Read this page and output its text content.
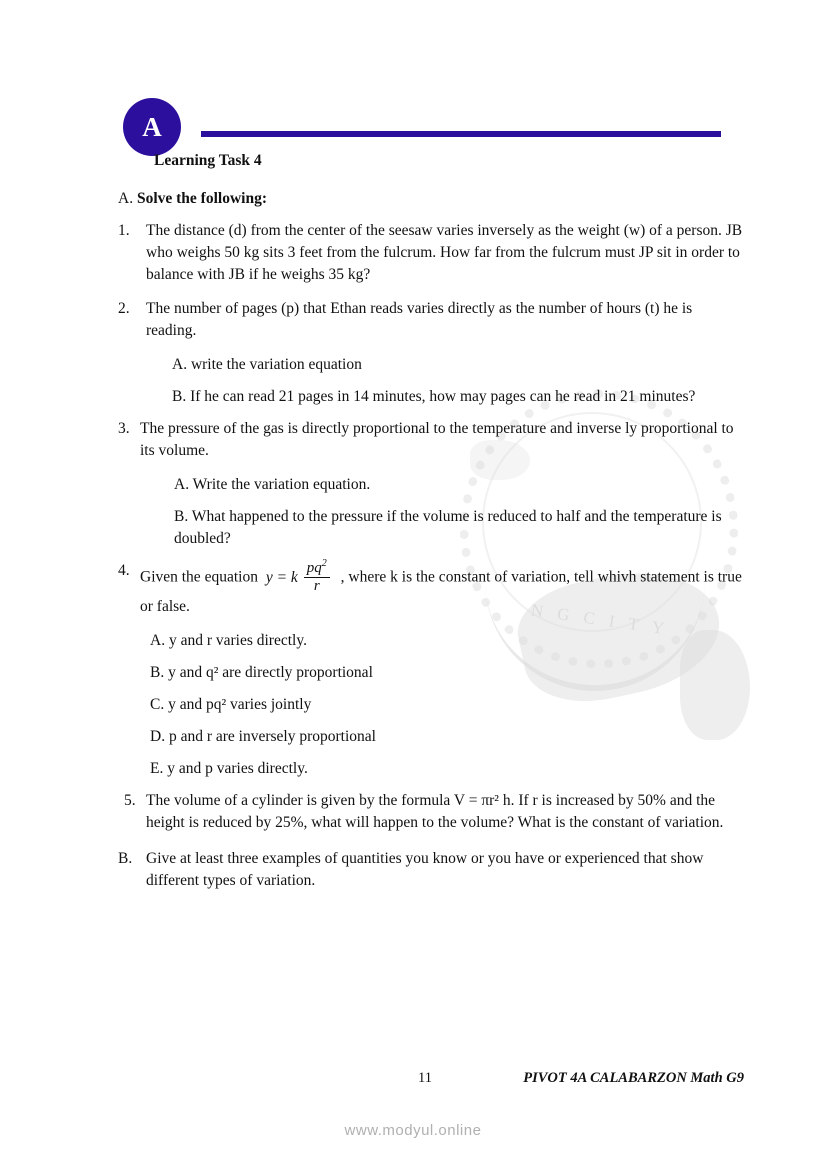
N G C I T Y
A
Learning Task 4
A. Solve the following:
1.	The distance (d) from the center of the seesaw varies inversely as the weight (w) of a person. JB who weighs 50 kg sits 3 feet from the fulcrum. How far from the fulcrum must JP sit in order to balance with JB if he weighs 35 kg?
2.	The number of pages (p) that Ethan reads varies directly as the number of hours (t) he is reading.
A. write the variation equation
B. If he can read 21 pages in 14 minutes, how may pages can he read in 21 minutes?
3. The pressure of the gas is directly proportional to the temperature and inverse ly proportional to its volume.
A. Write the variation equation.
B. What happened to the pressure if the volume is reduced to half and the temperature is doubled?
4. Given the equation y = k $\frac{pq^2}{r}$ , where k is the constant of variation, tell whivh statement is true or false.
A. y and r varies directly.
B. y and q² are directly proportional
C. y and pq² varies jointly
D. p and r are inversely proportional
E. y and p varies directly.
5. The volume of a cylinder is given by the formula V = πr² h. If r is increased by 50% and the height is reduced by 25%, what will happen to the volume? What is the constant of variation.
B. Give at least three examples of quantities you know or you have or experienced that show different types of variation.
11	PIVOT 4A CALABARZON Math G9
www.modyul.online
